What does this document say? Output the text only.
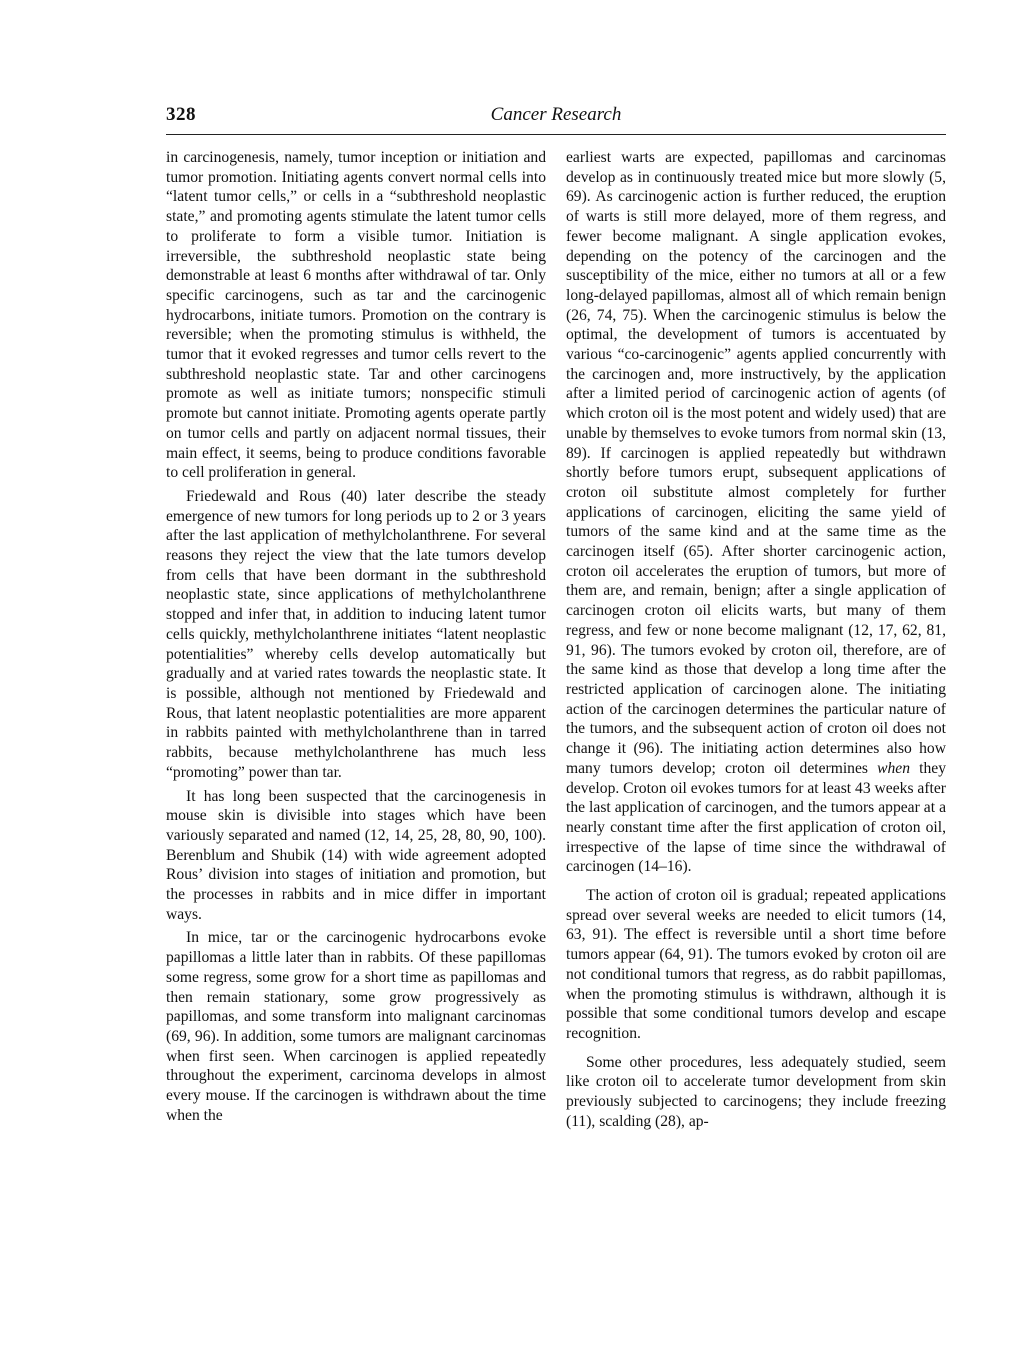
328	Cancer Research

in carcinogenesis, namely, tumor inception or initiation and tumor promotion. Initiating agents convert normal cells into “latent tumor cells,” or cells in a “subthreshold neoplastic state,” and promoting agents stimulate the latent tumor cells to proliferate to form a visible tumor. Initiation is irreversible, the subthreshold neoplastic state being demonstrable at least 6 months after withdrawal of tar. Only specific carcinogens, such as tar and the carcinogenic hydrocarbons, initiate tumors. Promotion on the contrary is reversible; when the promoting stimulus is withheld, the tumor that it evoked regresses and tumor cells revert to the subthreshold neoplastic state. Tar and other carcinogens promote as well as initiate tumors; nonspecific stimuli promote but cannot initiate. Promoting agents operate partly on tumor cells and partly on adjacent normal tissues, their main effect, it seems, being to produce conditions favorable to cell proliferation in general.

Friedewald and Rous (40) later describe the steady emergence of new tumors for long periods up to 2 or 3 years after the last application of methylcholanthrene. For several reasons they reject the view that the late tumors develop from cells that have been dormant in the subthreshold neoplastic state, since applications of methylcholanthrene stopped and infer that, in addition to inducing latent tumor cells quickly, methylcholanthrene initiates “latent neoplastic potentialities” whereby cells develop automatically but gradually and at varied rates towards the neoplastic state. It is possible, although not mentioned by Friedewald and Rous, that latent neoplastic potentialities are more apparent in rabbits painted with methylcholanthrene than in tarred rabbits, because methylcholanthrene has much less “promoting” power than tar.

It has long been suspected that the carcinogenesis in mouse skin is divisible into stages which have been variously separated and named (12, 14, 25, 28, 80, 90, 100). Berenblum and Shubik (14) with wide agreement adopted Rous’ division into stages of initiation and promotion, but the processes in rabbits and in mice differ in important ways.

In mice, tar or the carcinogenic hydrocarbons evoke papillomas a little later than in rabbits. Of these papillomas some regress, some grow for a short time as papillomas and then remain stationary, some grow progressively as papillomas, and some transform into malignant carcinomas (69, 96). In addition, some tumors are malignant carcinomas when first seen. When carcinogen is applied repeatedly throughout the experiment, carcinoma develops in almost every mouse. If the carcinogen is withdrawn about the time when the

earliest warts are expected, papillomas and carcinomas develop as in continuously treated mice but more slowly (5, 69). As carcinogenic action is further reduced, the eruption of warts is still more delayed, more of them regress, and fewer become malignant. A single application evokes, depending on the potency of the carcinogen and the susceptibility of the mice, either no tumors at all or a few long-delayed papillomas, almost all of which remain benign (26, 74, 75). When the carcinogenic stimulus is below the optimal, the development of tumors is accentuated by various “co-carcinogenic” agents applied concurrently with the carcinogen and, more instructively, by the application after a limited period of carcinogenic action of agents (of which croton oil is the most potent and widely used) that are unable by themselves to evoke tumors from normal skin (13, 89). If carcinogen is applied repeatedly but withdrawn shortly before tumors erupt, subsequent applications of croton oil substitute almost completely for further applications of carcinogen, eliciting the same yield of tumors of the same kind and at the same time as the carcinogen itself (65). After shorter carcinogenic action, croton oil accelerates the eruption of tumors, but more of them are, and remain, benign; after a single application of carcinogen croton oil elicits warts, but many of them regress, and few or none become malignant (12, 17, 62, 81, 91, 96). The tumors evoked by croton oil, therefore, are of the same kind as those that develop a long time after the restricted application of carcinogen alone. The initiating action of the carcinogen determines the particular nature of the tumors, and the subsequent action of croton oil does not change it (96). The initiating action determines also how many tumors develop; croton oil determines when they develop. Croton oil evokes tumors for at least 43 weeks after the last application of carcinogen, and the tumors appear at a nearly constant time after the first application of croton oil, irrespective of the lapse of time since the withdrawal of carcinogen (14–16).

The action of croton oil is gradual; repeated applications spread over several weeks are needed to elicit tumors (14, 63, 91). The effect is reversible until a short time before tumors appear (64, 91). The tumors evoked by croton oil are not conditional tumors that regress, as do rabbit papillomas, when the promoting stimulus is withdrawn, although it is possible that some conditional tumors develop and escape recognition.

Some other procedures, less adequately studied, seem like croton oil to accelerate tumor development from skin previously subjected to carcinogens; they include freezing (11), scalding (28), ap-
